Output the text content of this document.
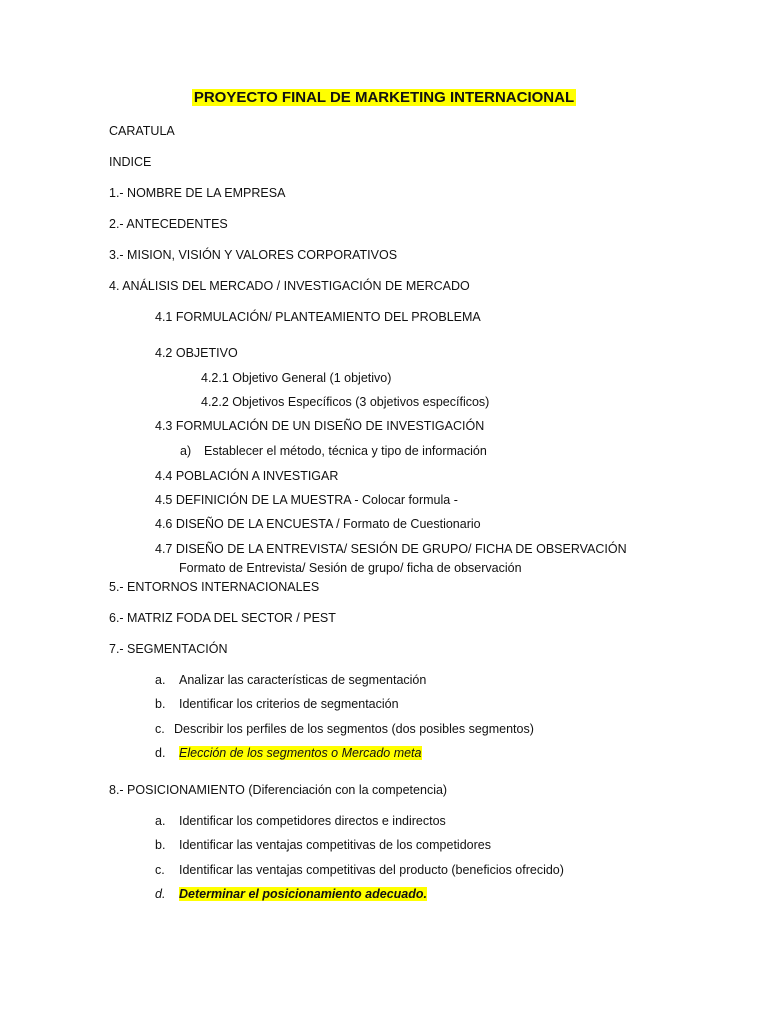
PROYECTO FINAL DE MARKETING INTERNACIONAL
CARATULA
INDICE
1.- NOMBRE DE LA EMPRESA
2.- ANTECEDENTES
3.- MISION, VISIÓN Y VALORES CORPORATIVOS
4. ANÁLISIS DEL MERCADO / INVESTIGACIÓN DE MERCADO
4.1 FORMULACIÓN/ PLANTEAMIENTO DEL PROBLEMA
4.2 OBJETIVO
4.2.1 Objetivo General (1 objetivo)
4.2.2 Objetivos Específicos (3 objetivos específicos)
4.3 FORMULACIÓN DE UN DISEÑO DE INVESTIGACIÓN
a) Establecer el método, técnica y tipo de información
4.4 POBLACIÓN A INVESTIGAR
4.5 DEFINICIÓN DE LA MUESTRA - Colocar formula -
4.6 DISEÑO DE LA ENCUESTA / Formato de Cuestionario
4.7 DISEÑO DE LA ENTREVISTA/ SESIÓN DE GRUPO/ FICHA DE OBSERVACIÓN
Formato de Entrevista/ Sesión de grupo/ ficha de observación
5.- ENTORNOS INTERNACIONALES
6.- MATRIZ FODA DEL SECTOR / PEST
7.- SEGMENTACIÓN
a. Analizar las características de segmentación
b. Identificar los criterios de segmentación
c. Describir los perfiles de los segmentos (dos posibles segmentos)
d. Elección de los segmentos o Mercado meta
8.- POSICIONAMIENTO (Diferenciación con la competencia)
a. Identificar los competidores directos e indirectos
b. Identificar las ventajas competitivas de los competidores
c. Identificar las ventajas competitivas del producto (beneficios ofrecido)
d. Determinar el posicionamiento adecuado.
